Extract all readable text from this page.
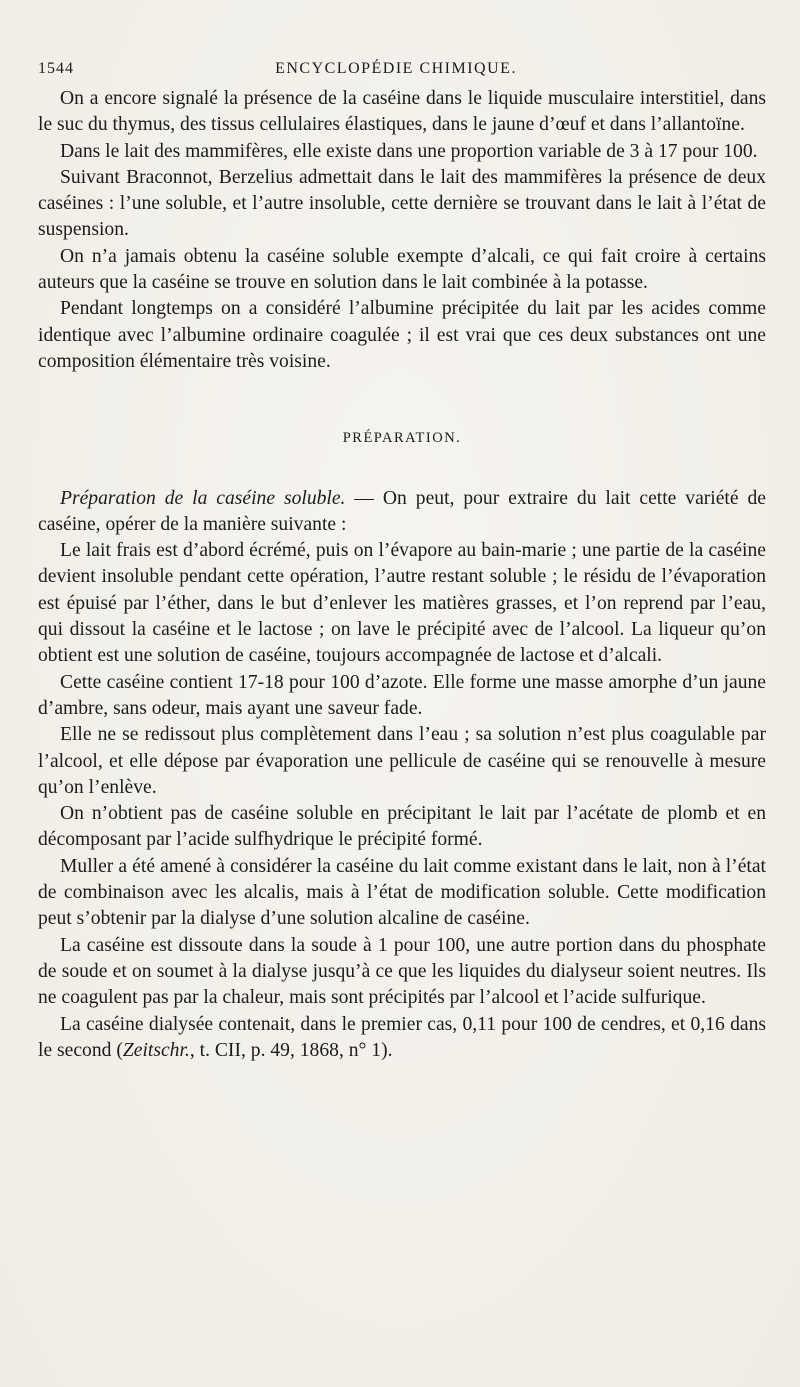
1544	ENCYCLOPÉDIE CHIMIQUE.

On a encore signalé la présence de la caséine dans le liquide musculaire interstitiel, dans le suc du thymus, des tissus cellulaires élastiques, dans le jaune d’œuf et dans l’allantoïne.

Dans le lait des mammifères, elle existe dans une proportion variable de 3 à 17 pour 100.

Suivant Braconnot, Berzelius admettait dans le lait des mammifères la présence de deux caséines : l’une soluble, et l’autre insoluble, cette dernière se trouvant dans le lait à l’état de suspension.

On n’a jamais obtenu la caséine soluble exempte d’alcali, ce qui fait croire à certains auteurs que la caséine se trouve en solution dans le lait combinée à la potasse.

Pendant longtemps on a considéré l’albumine précipitée du lait par les acides comme identique avec l’albumine ordinaire coagulée ; il est vrai que ces deux substances ont une composition élémentaire très voisine.

PRÉPARATION.

Préparation de la caséine soluble. — On peut, pour extraire du lait cette variété de caséine, opérer de la manière suivante :

Le lait frais est d’abord écrémé, puis on l’évapore au bain-marie ; une partie de la caséine devient insoluble pendant cette opération, l’autre restant soluble ; le résidu de l’évaporation est épuisé par l’éther, dans le but d’enlever les matières grasses, et l’on reprend par l’eau, qui dissout la caséine et le lactose ; on lave le précipité avec de l’alcool. La liqueur qu’on obtient est une solution de caséine, toujours accompagnée de lactose et d’alcali.

Cette caséine contient 17-18 pour 100 d’azote. Elle forme une masse amorphe d’un jaune d’ambre, sans odeur, mais ayant une saveur fade.

Elle ne se redissout plus complètement dans l’eau ; sa solution n’est plus coagulable par l’alcool, et elle dépose par évaporation une pellicule de caséine qui se renouvelle à mesure qu’on l’enlève.

On n’obtient pas de caséine soluble en précipitant le lait par l’acétate de plomb et en décomposant par l’acide sulfhydrique le précipité formé.

Muller a été amené à considérer la caséine du lait comme existant dans le lait, non à l’état de combinaison avec les alcalis, mais à l’état de modification soluble. Cette modification peut s’obtenir par la dialyse d’une solution alcaline de caséine.

La caséine est dissoute dans la soude à 1 pour 100, une autre portion dans du phosphate de soude et on soumet à la dialyse jusqu’à ce que les liquides du dialyseur soient neutres. Ils ne coagulent pas par la chaleur, mais sont précipités par l’alcool et l’acide sulfurique.

La caséine dialysée contenait, dans le premier cas, 0,11 pour 100 de cendres, et 0,16 dans le second (Zeitschr., t. CII, p. 49, 1868, n° 1).
